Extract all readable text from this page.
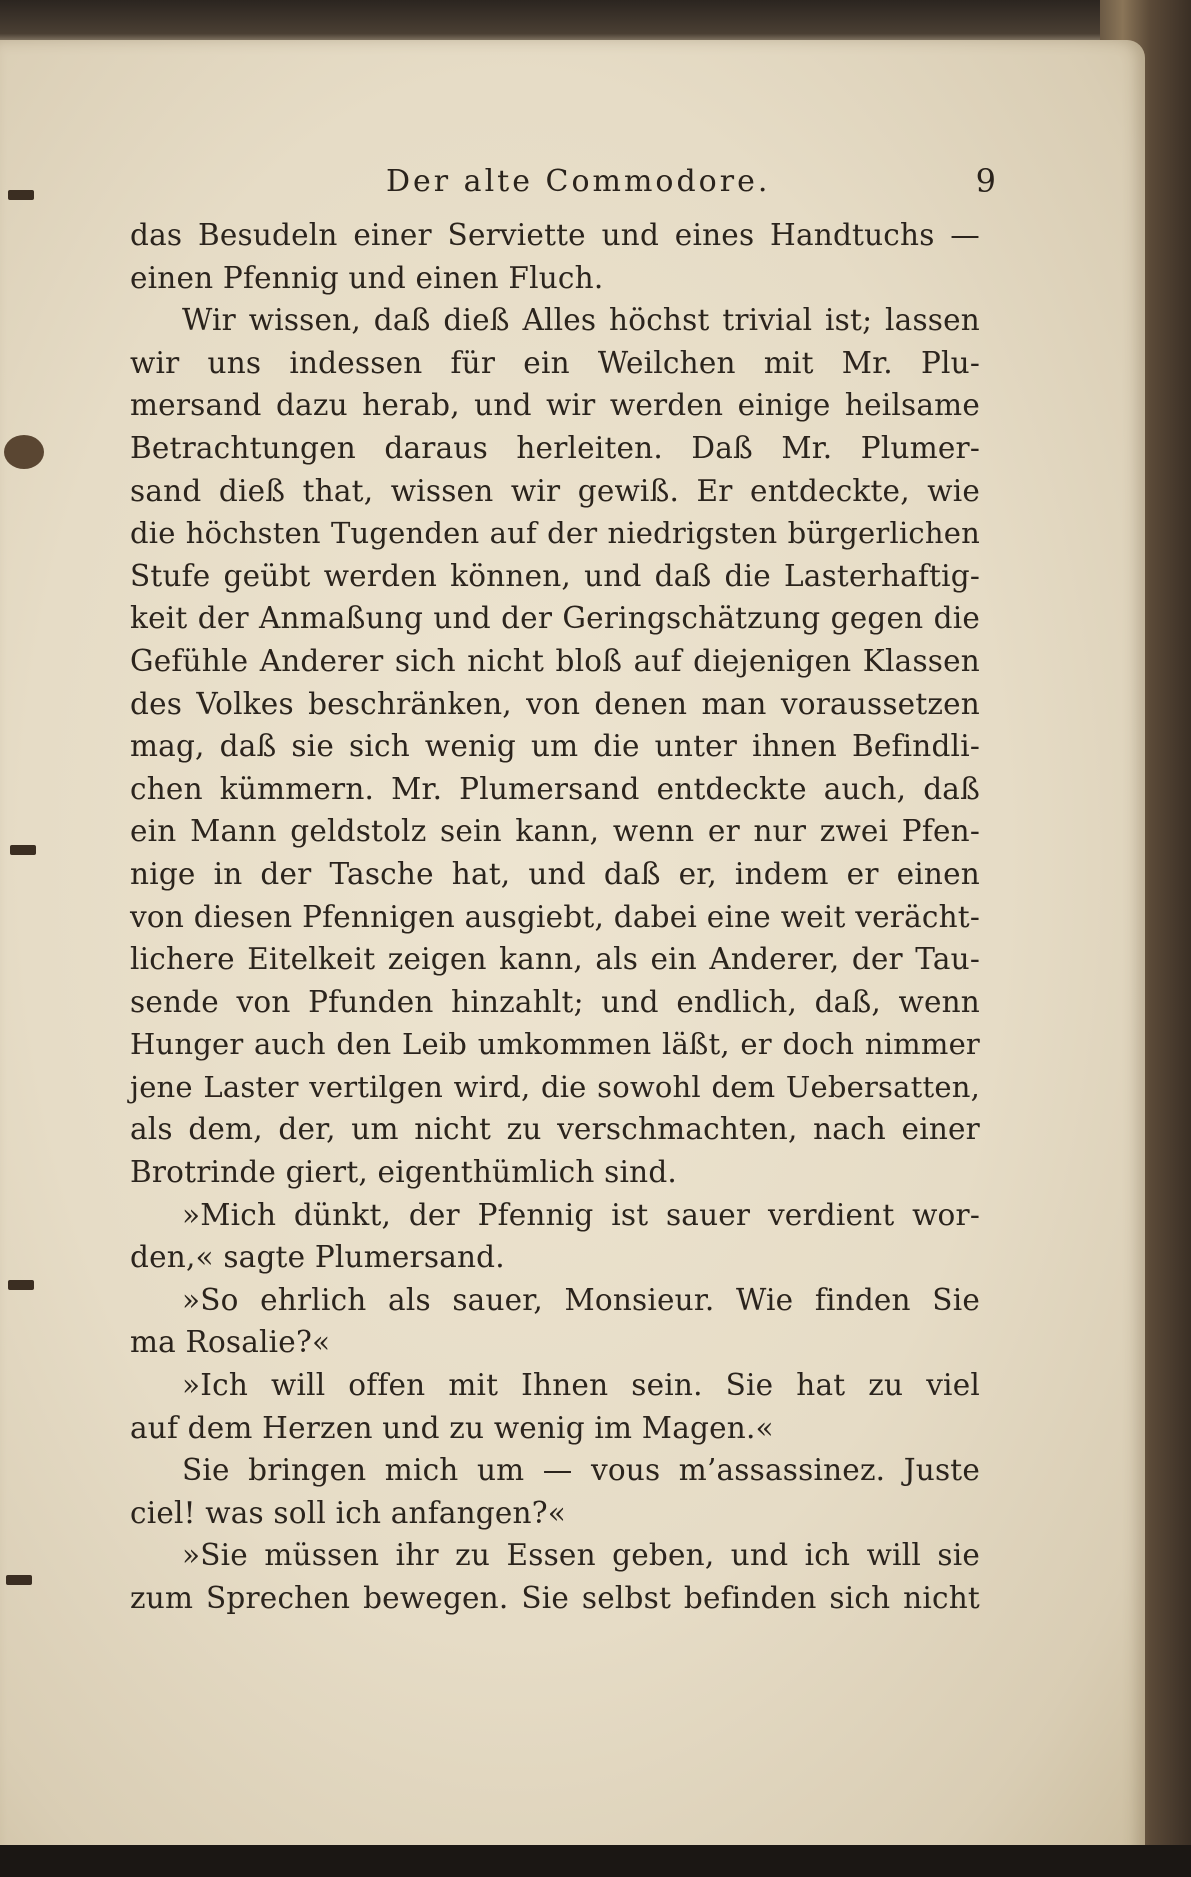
Der alte Commodore.	9
das Besudeln einer Serviette und eines Handtuchs —
einen Pfennig und einen Fluch.
Wir wissen, daß dieß Alles höchst trivial ist; lassen
wir uns indessen für ein Weilchen mit Mr. Plu-
mersand dazu herab, und wir werden einige heilsame
Betrachtungen daraus herleiten. Daß Mr. Plumer-
sand dieß that, wissen wir gewiß. Er entdeckte, wie
die höchsten Tugenden auf der niedrigsten bürgerlichen
Stufe geübt werden können, und daß die Lasterhaftig-
keit der Anmaßung und der Geringschätzung gegen die
Gefühle Anderer sich nicht bloß auf diejenigen Klassen
des Volkes beschränken, von denen man voraussetzen
mag, daß sie sich wenig um die unter ihnen Befindli-
chen kümmern. Mr. Plumersand entdeckte auch, daß
ein Mann geldstolz sein kann, wenn er nur zwei Pfen-
nige in der Tasche hat, und daß er, indem er einen
von diesen Pfennigen ausgiebt, dabei eine weit verächt-
lichere Eitelkeit zeigen kann, als ein Anderer, der Tau-
sende von Pfunden hinzahlt; und endlich, daß, wenn
Hunger auch den Leib umkommen läßt, er doch nimmer
jene Laster vertilgen wird, die sowohl dem Uebersatten,
als dem, der, um nicht zu verschmachten, nach einer
Brotrinde giert, eigenthümlich sind.
»Mich dünkt, der Pfennig ist sauer verdient wor-
den,« sagte Plumersand.
»So ehrlich als sauer, Monsieur. Wie finden Sie
ma Rosalie?«
»Ich will offen mit Ihnen sein. Sie hat zu viel
auf dem Herzen und zu wenig im Magen.«
Sie bringen mich um — vous m’assassinez. Juste
ciel! was soll ich anfangen?«
»Sie müssen ihr zu Essen geben, und ich will sie
zum Sprechen bewegen. Sie selbst befinden sich nicht
